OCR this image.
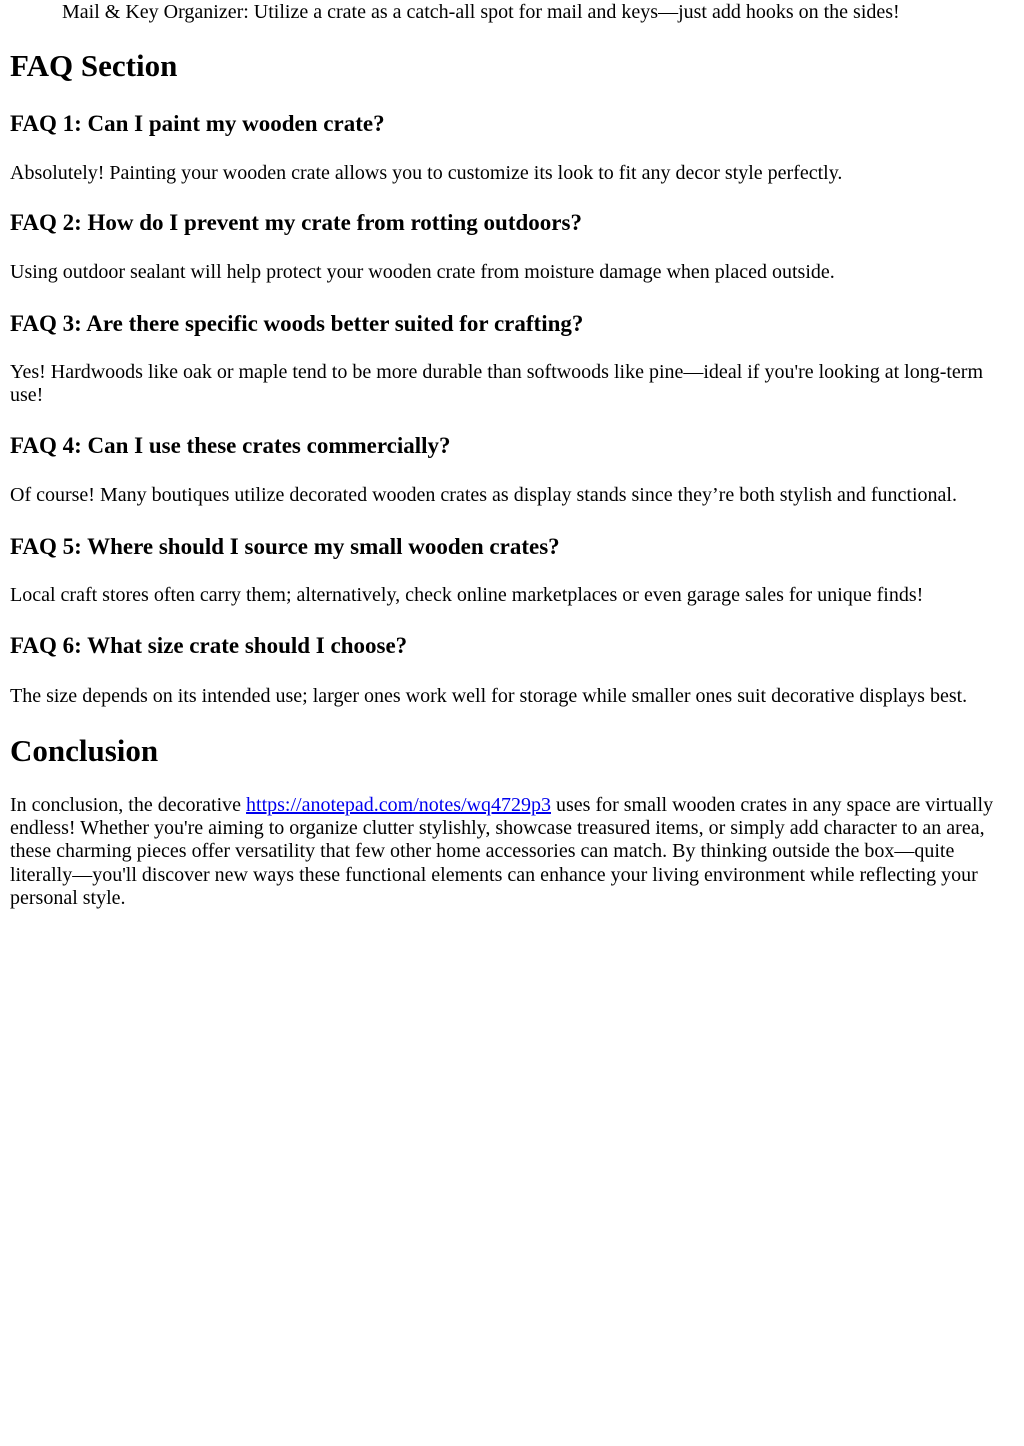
Mail & Key Organizer: Utilize a crate as a catch-all spot for mail and keys—just add hooks on the sides!
FAQ Section
FAQ 1: Can I paint my wooden crate?

Absolutely! Painting your wooden crate allows you to customize its look to fit any decor style perfectly.

FAQ 2: How do I prevent my crate from rotting outdoors?

Using outdoor sealant will help protect your wooden crate from moisture damage when placed outside.

FAQ 3: Are there specific woods better suited for crafting?

Yes! Hardwoods like oak or maple tend to be more durable than softwoods like pine—ideal if you're looking at long-term use!

FAQ 4: Can I use these crates commercially?

Of course! Many boutiques utilize decorated wooden crates as display stands since they’re both stylish and functional.

FAQ 5: Where should I source my small wooden crates?

Local craft stores often carry them; alternatively, check online marketplaces or even garage sales for unique finds!

FAQ 6: What size crate should I choose?

The size depends on its intended use; larger ones work well for storage while smaller ones suit decorative displays best.

Conclusion

In conclusion, the decorative https://anotepad.com/notes/wq4729p3 uses for small wooden crates in any space are virtually endless! Whether you're aiming to organize clutter stylishly, showcase treasured items, or simply add character to an area, these charming pieces offer versatility that few other home accessories can match. By thinking outside the box—quite literally—you'll discover new ways these functional elements can enhance your living environment while reflecting your personal style.
